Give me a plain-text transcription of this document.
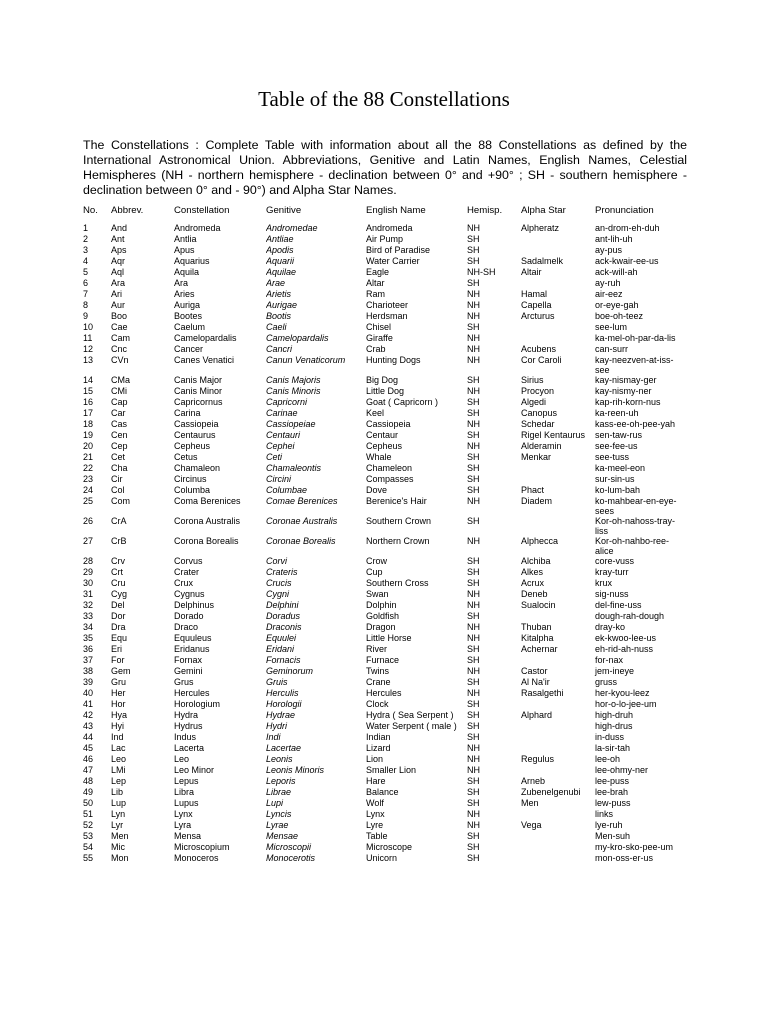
Table of the 88 Constellations
The Constellations : Complete Table with information about all the 88 Constellations as defined by the International Astronomical Union. Abbreviations, Genitive and Latin Names, English Names, Celestial Hemispheres (NH - northern hemisphere - declination between 0° and +90° ; SH - southern hemisphere - declination between 0° and - 90°) and Alpha Star Names.
No.	Abbrev.	Constellation	Genitive	English Name	Hemisp.	Alpha Star	Pronunciation
1	And	Andromeda	Andromedae	Andromeda	NH	Alpheratz	an-drom-eh-duh
2	Ant	Antlia	Antliae	Air Pump	SH		ant-lih-uh
3	Aps	Apus	Apodis	Bird of Paradise	SH		ay-pus
4	Aqr	Aquarius	Aquarii	Water Carrier	SH	Sadalmelk	ack-kwair-ee-us
5	Aql	Aquila	Aquilae	Eagle	NH-SH	Altair	ack-will-ah
6	Ara	Ara	Arae	Altar	SH		ay-ruh
7	Ari	Aries	Arietis	Ram	NH	Hamal	air-eez
8	Aur	Auriga	Aurigae	Charioteer	NH	Capella	or-eye-gah
9	Boo	Bootes	Bootis	Herdsman	NH	Arcturus	boe-oh-teez
10	Cae	Caelum	Caeli	Chisel	SH		see-lum
11	Cam	Camelopardalis	Camelopardalis	Giraffe	NH		ka-mel-oh-par-da-lis
12	Cnc	Cancer	Cancri	Crab	NH	Acubens	can-surr
13	CVn	Canes Venatici	Canun Venaticorum	Hunting Dogs	NH	Cor Caroli	kay-neezven-at-iss-see
14	CMa	Canis Major	Canis Majoris	Big Dog	SH	Sirius	kay-nismay-ger
15	CMi	Canis Minor	Canis Minoris	Little Dog	NH	Procyon	kay-nismy-ner
16	Cap	Capricornus	Capricorni	Goat ( Capricorn )	SH	Algedi	kap-rih-korn-nus
17	Car	Carina	Carinae	Keel	SH	Canopus	ka-reen-uh
18	Cas	Cassiopeia	Cassiopeiae	Cassiopeia	NH	Schedar	kass-ee-oh-pee-yah
19	Cen	Centaurus	Centauri	Centaur	SH	Rigel Kentaurus	sen-taw-rus
20	Cep	Cepheus	Cephei	Cepheus	NH	Alderamin	see-fee-us
21	Cet	Cetus	Ceti	Whale	SH	Menkar	see-tuss
22	Cha	Chamaleon	Chamaleontis	Chameleon	SH		ka-meel-eon
23	Cir	Circinus	Circini	Compasses	SH		sur-sin-us
24	Col	Columba	Columbae	Dove	SH	Phact	ko-lum-bah
25	Com	Coma Berenices	Comae Berenices	Berenice's Hair	NH	Diadem	ko-mahbear-en-eye-sees
26	CrA	Corona Australis	Coronae Australis	Southern Crown	SH		Kor-oh-nahoss-tray-liss
27	CrB	Corona Borealis	Coronae Borealis	Northern Crown	NH	Alphecca	Kor-oh-nahbo-ree-alice
28	Crv	Corvus	Corvi	Crow	SH	Alchiba	core-vuss
29	Crt	Crater	Crateris	Cup	SH	Alkes	kray-turr
30	Cru	Crux	Crucis	Southern Cross	SH	Acrux	krux
31	Cyg	Cygnus	Cygni	Swan	NH	Deneb	sig-nuss
32	Del	Delphinus	Delphini	Dolphin	NH	Sualocin	del-fine-uss
33	Dor	Dorado	Doradus	Goldfish	SH		dough-rah-dough
34	Dra	Draco	Draconis	Dragon	NH	Thuban	dray-ko
35	Equ	Equuleus	Equulei	Little Horse	NH	Kitalpha	ek-kwoo-lee-us
36	Eri	Eridanus	Eridani	River	SH	Achernar	eh-rid-ah-nuss
37	For	Fornax	Fornacis	Furnace	SH		for-nax
38	Gem	Gemini	Geminorum	Twins	NH	Castor	jem-ineye
39	Gru	Grus	Gruis	Crane	SH	Al Na'ir	gruss
40	Her	Hercules	Herculis	Hercules	NH	Rasalgethi	her-kyou-leez
41	Hor	Horologium	Horologii	Clock	SH		hor-o-lo-jee-um
42	Hya	Hydra	Hydrae	Hydra ( Sea Serpent )	SH	Alphard	high-druh
43	Hyi	Hydrus	Hydri	Water Serpent ( male )	SH		high-drus
44	Ind	Indus	Indi	Indian	SH		in-duss
45	Lac	Lacerta	Lacertae	Lizard	NH		la-sir-tah
46	Leo	Leo	Leonis	Lion	NH	Regulus	lee-oh
47	LMi	Leo Minor	Leonis Minoris	Smaller Lion	NH		lee-ohmy-ner
48	Lep	Lepus	Leporis	Hare	SH	Arneb	lee-puss
49	Lib	Libra	Librae	Balance	SH	Zubenelgenubi	lee-brah
50	Lup	Lupus	Lupi	Wolf	SH	Men	lew-puss
51	Lyn	Lynx	Lyncis	Lynx	NH		links
52	Lyr	Lyra	Lyrae	Lyre	NH	Vega	lye-ruh
53	Men	Mensa	Mensae	Table	SH		Men-suh
54	Mic	Microscopium	Microscopii	Microscope	SH		my-kro-sko-pee-um
55	Mon	Monoceros	Monocerotis	Unicorn	SH		mon-oss-er-us
